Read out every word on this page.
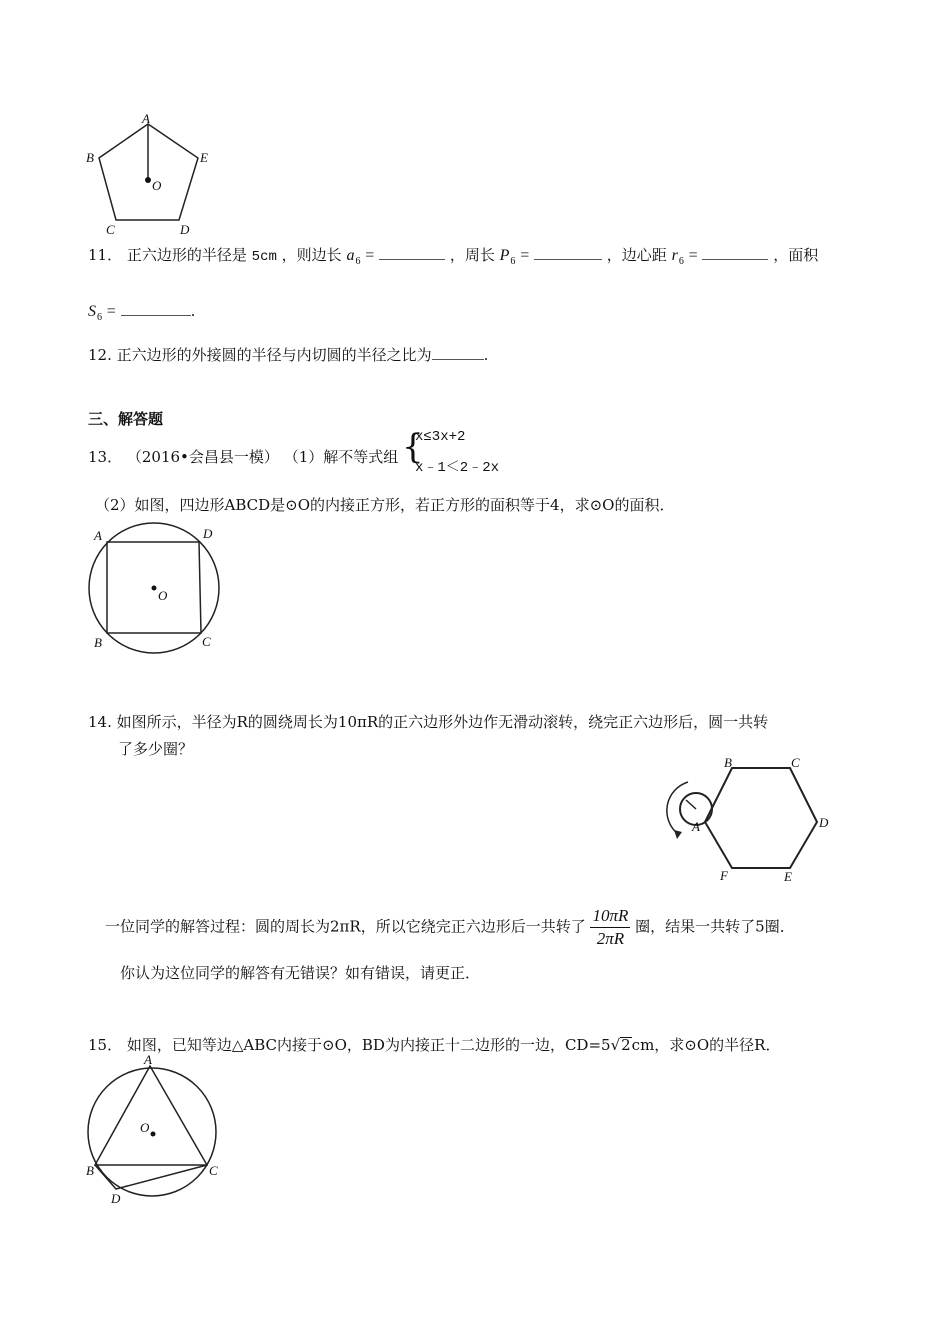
A
B
C	D
E
O
11． 正六边形的半径是 5cm ，则边长 $a_6$ =	，周长 $P_6$ =	，边心距 $r_6$ =	，面积
$S_6$ =	.
12. 正六边形的外接圆的半径与内切圆的半径之比为	.
三、解答题
13． （2016•会昌县一模） （1）解不等式组 {
x≤3x+2
x﹣1＜2﹣2x
（2）如图，四边形ABCD是⊙O的内接正方形，若正方形的面积等于4，求⊙O的面积．
A	D
B	C
O
14. 如图所示，半径为R的圆绕周长为10πR的正六边形外边作无滑动滚转，绕完正六边形后，圆一共转
了多少圈？
B	C
D
E
F
A
一位同学的解答过程：圆的周长为2πR，所以它绕完正六边形后一共转了 $\frac{10\pi R}{2\pi R}$ 圈，结果一共转了5圈．
你认为这位同学的解答有无错误？如有错误，请更正．
15． 如图，已知等边△ABC内接于⊙O，BD为内接正十二边形的一边，CD=5√2cm，求⊙O的半径R．
A
B	C
D
O
